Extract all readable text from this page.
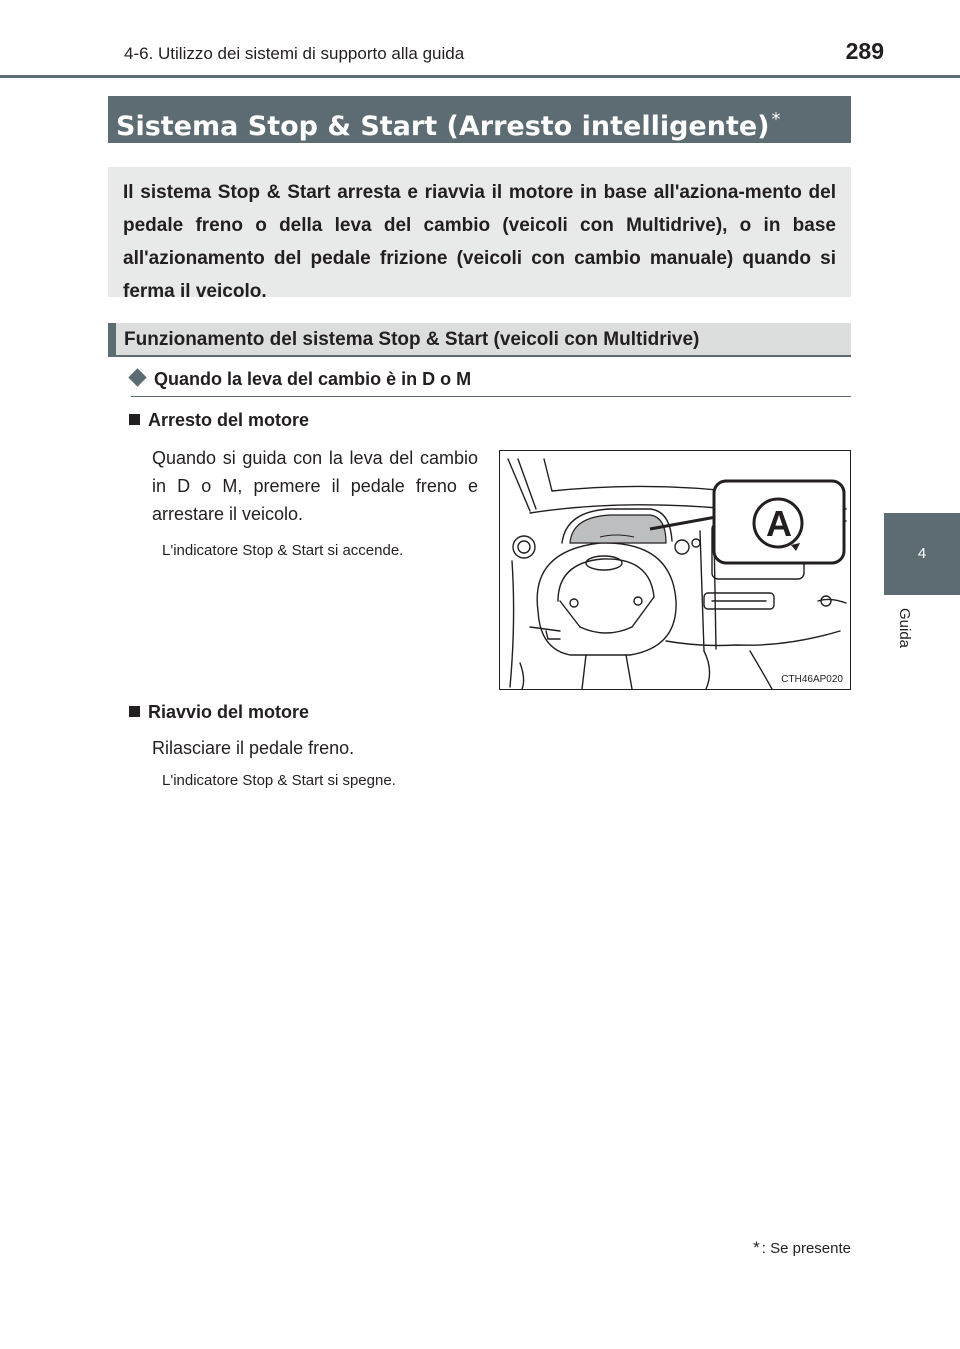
4-6. Utilizzo dei sistemi di supporto alla guida	289
Sistema Stop & Start (Arresto intelligente) *
Il sistema Stop & Start arresta e riavvia il motore in base all'aziona-mento del pedale freno o della leva del cambio (veicoli con Multidrive), o in base all'azionamento del pedale frizione (veicoli con cambio manuale) quando si ferma il veicolo.
Funzionamento del sistema Stop & Start (veicoli con Multidrive)
Quando la leva del cambio è in D o M
Arresto del motore
Quando si guida con la leva del cambio in D o M, premere il pedale freno e arrestare il veicolo.
L'indicatore Stop & Start si accende.
A
CTH46AP020
Riavvio del motore
Rilasciare il pedale freno.
L'indicatore Stop & Start si spegne.
* : Se presente
4
Guida
